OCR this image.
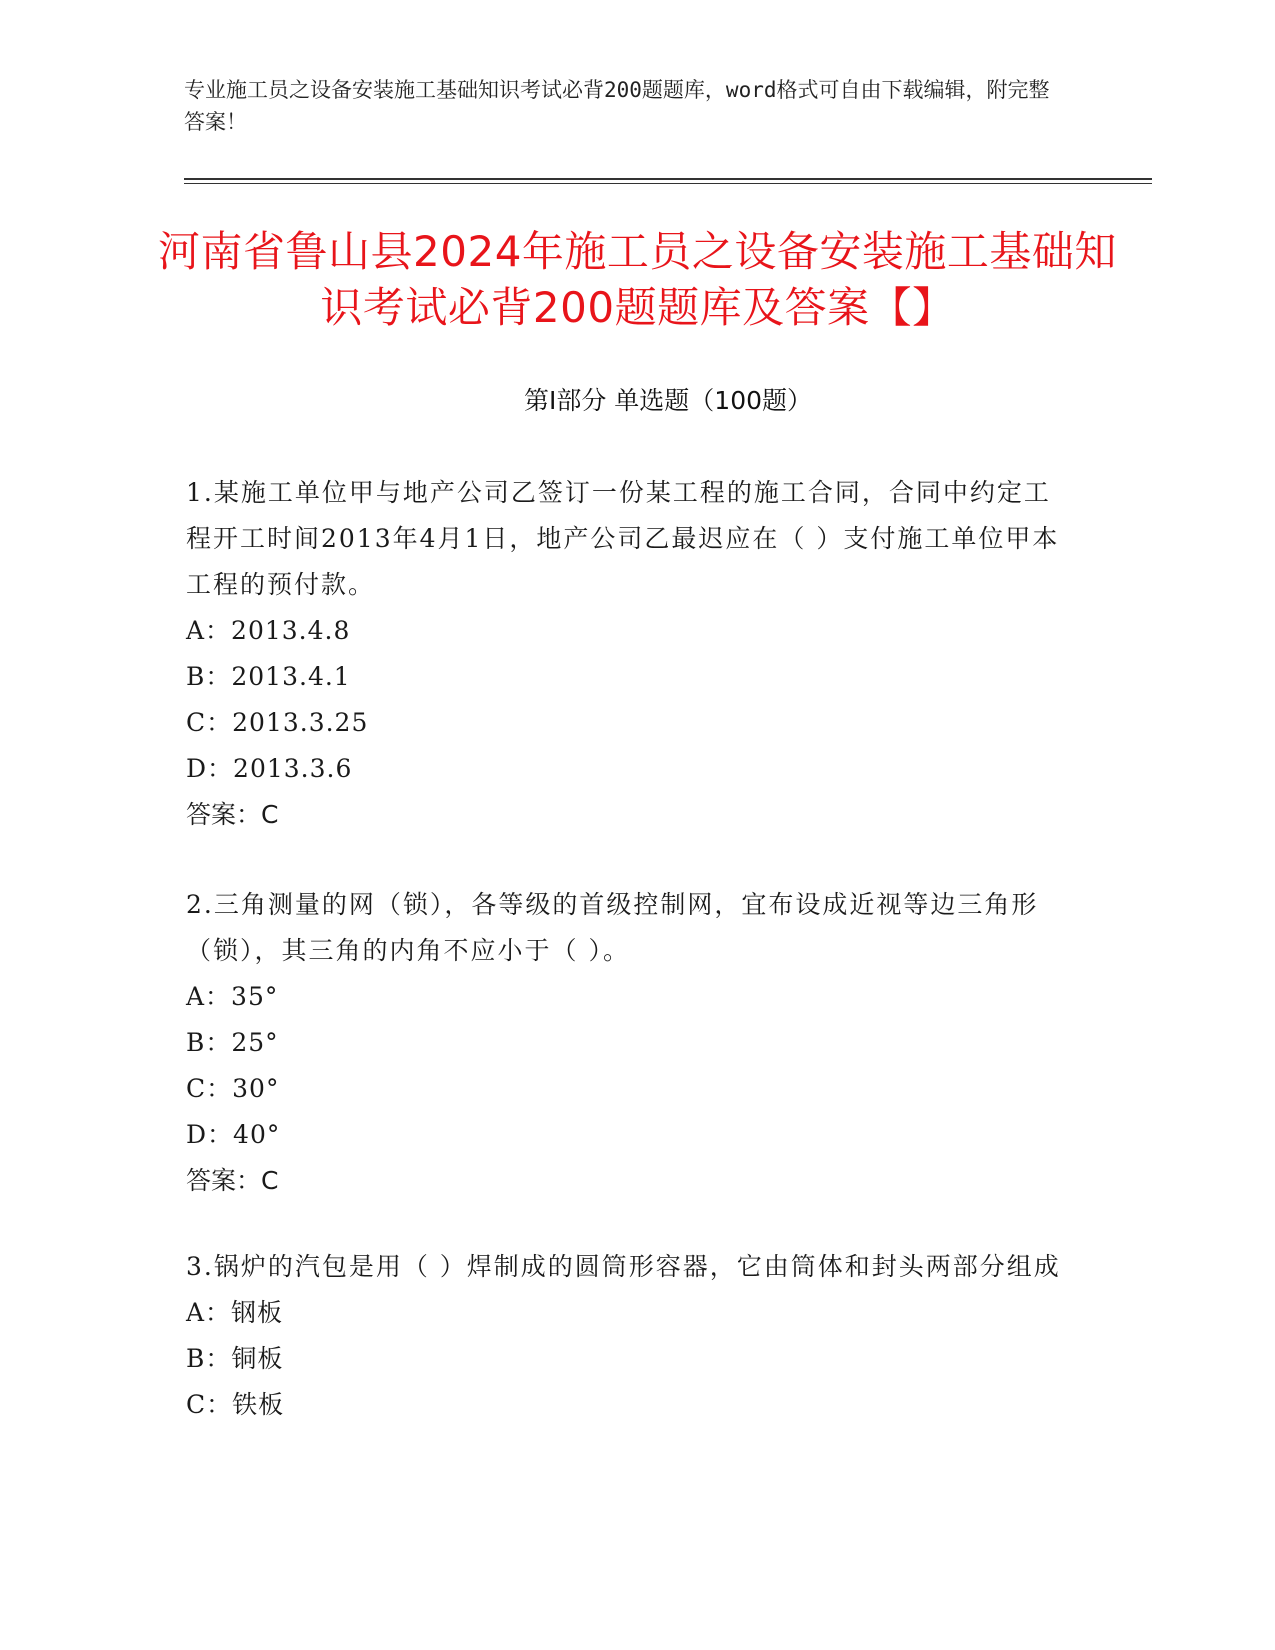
专业施工员之设备安装施工基础知识考试必背200题题库，word格式可自由下载编辑，附完整答案！
河南省鲁山县2024年施工员之设备安装施工基础知识考试必背200题题库及答案【】
第Ⅰ部分 单选题（100题）
1.某施工单位甲与地产公司乙签订一份某工程的施工合同，合同中约定工程开工时间2013年4月1日，地产公司乙最迟应在（ ）支付施工单位甲本工程的预付款。
A：2013.4.8
B：2013.4.1
C：2013.3.25
D：2013.3.6
答案：C
2.三角测量的网（锁），各等级的首级控制网，宜布设成近视等边三角形（锁），其三角的内角不应小于（ ）。
A：35°
B：25°
C：30°
D：40°
答案：C
3.锅炉的汽包是用（ ）焊制成的圆筒形容器，它由筒体和封头两部分组成
A：钢板
B：铜板
C：铁板
